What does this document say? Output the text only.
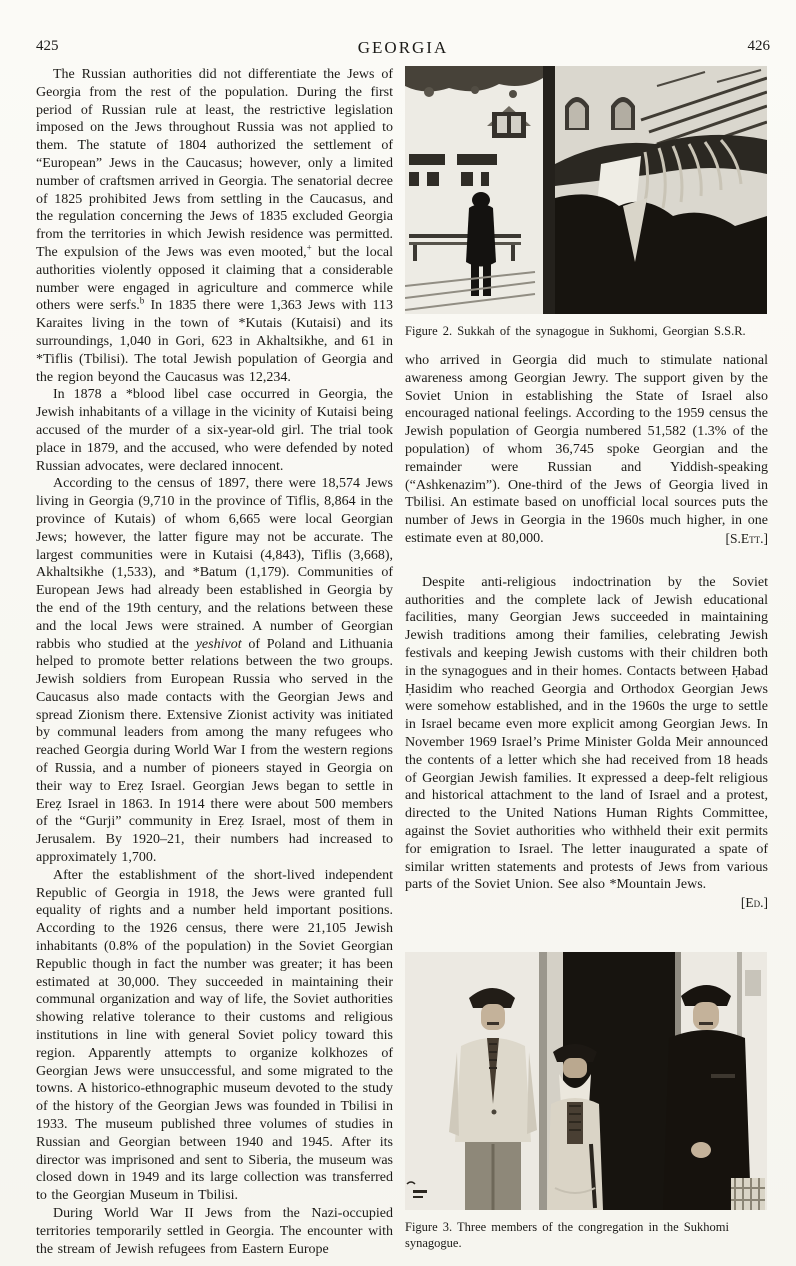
425	GEORGIA	426

The Russian authorities did not differentiate the Jews of Georgia from the rest of the population. During the first period of Russian rule at least, the restrictive legislation imposed on the Jews throughout Russia was not applied to them. The statute of 1804 authorized the settlement of “European” Jews in the Caucasus; however, only a limited number of craftsmen arrived in Georgia. The senatorial decree of 1825 prohibited Jews from settling in the Caucasus, and the regulation concerning the Jews of 1835 excluded Georgia from the territories in which Jewish residence was permitted. The expulsion of the Jews was even mooted,+ but the local authorities violently opposed it claiming that a considerable number were engaged in agriculture and commerce while others were serfs.$^b$ In 1835 there were 1,363 Jews with 113 Karaites living in the town of *Kutais (Kutaisi) and its surroundings, 1,040 in Gori, 623 in Akhaltsikhe, and 61 in *Tiflis (Tbilisi). The total Jewish population of Georgia and the region beyond the Caucasus was 12,234.

In 1878 a *blood libel case occurred in Georgia, the Jewish inhabitants of a village in the vicinity of Kutaisi being accused of the murder of a six-year-old girl. The trial took place in 1879, and the accused, who were defended by noted Russian advocates, were declared innocent.

According to the census of 1897, there were 18,574 Jews living in Georgia (9,710 in the province of Tiflis, 8,864 in the province of Kutais) of whom 6,665 were local Georgian Jews; however, the latter figure may not be accurate. The largest communities were in Kutaisi (4,843), Tiflis (3,668), Akhaltsikhe (1,533), and *Batum (1,179). Communities of European Jews had already been established in Georgia by the end of the 19th century, and the relations between these and the local Jews were strained. A number of Georgian rabbis who studied at the yeshivot of Poland and Lithuania helped to promote better relations between the two groups. Jewish soldiers from European Russia who served in the Caucasus also made contacts with the Georgian Jews and spread Zionism there. Extensive Zionist activity was initiated by communal leaders from among the many refugees who reached Georgia during World War I from the western regions of Russia, and a number of pioneers stayed in Georgia on their way to Ereẓ Israel. Georgian Jews began to settle in Ereẓ Israel in 1863. In 1914 there were about 500 members of the “Gurji” community in Ereẓ Israel, most of them in Jerusalem. By 1920–21, their numbers had increased to approximately 1,700.

After the establishment of the short-lived independent Republic of Georgia in 1918, the Jews were granted full equality of rights and a number held important positions. According to the 1926 census, there were 21,105 Jewish inhabitants (0.8% of the population) in the Soviet Georgian Republic though in fact the number was greater; it has been estimated at 30,000. They succeeded in maintaining their communal organization and way of life, the Soviet authorities showing relative tolerance to their customs and religious institutions in line with general Soviet policy toward this region. Apparently attempts to organize kolkhozes of Georgian Jews were unsuccessful, and some migrated to the towns. A historico-ethnographic museum devoted to the study of the history of the Georgian Jews was founded in Tbilisi in 1933. The museum published three volumes of studies in Russian and Georgian between 1940 and 1945. After its director was imprisoned and sent to Siberia, the museum was closed down in 1949 and its large collection was transferred to the Georgian Museum in Tbilisi.

During World War II Jews from the Nazi-occupied territories temporarily settled in Georgia. The encounter with the stream of Jewish refugees from Eastern Europe

Figure 2. Sukkah of the synagogue in Sukhomi, Georgian S.S.R.

who arrived in Georgia did much to stimulate national awareness among Georgian Jewry. The support given by the Soviet Union in establishing the State of Israel also encouraged national feelings. According to the 1959 census the Jewish population of Georgia numbered 51,582 (1.3% of the population) of whom 36,745 spoke Georgian and the remainder were Russian and Yiddish-speaking (“Ashkenazim”). One-third of the Jews of Georgia lived in Tbilisi. An estimate based on unofficial local sources puts the number of Jews in Georgia in the 1960s much higher, in one estimate even at 80,000.	[S.Ett.]

Despite anti-religious indoctrination by the Soviet authorities and the complete lack of Jewish educational facilities, many Georgian Jews succeeded in maintaining Jewish traditions among their families, celebrating Jewish festivals and keeping Jewish customs with their children both in the synagogues and in their homes. Contacts between Ḥabad Ḥasidim who reached Georgia and Orthodox Georgian Jews were somehow established, and in the 1960s the urge to settle in Israel became even more explicit among Georgian Jews. In November 1969 Israel’s Prime Minister Golda Meir announced the contents of a letter which she had received from 18 heads of Georgian Jewish families. It expressed a deep-felt religious and historical attachment to the land of Israel and a protest, directed to the United Nations Human Rights Committee, against the Soviet authorities who withheld their exit permits for emigration to Israel. The letter inaugurated a spate of similar written statements and protests of Jews from various parts of the Soviet Union. See also *Mountain Jews.

[Ed.]
Figure 3. Three members of the congregation in the Sukhomi synagogue.
